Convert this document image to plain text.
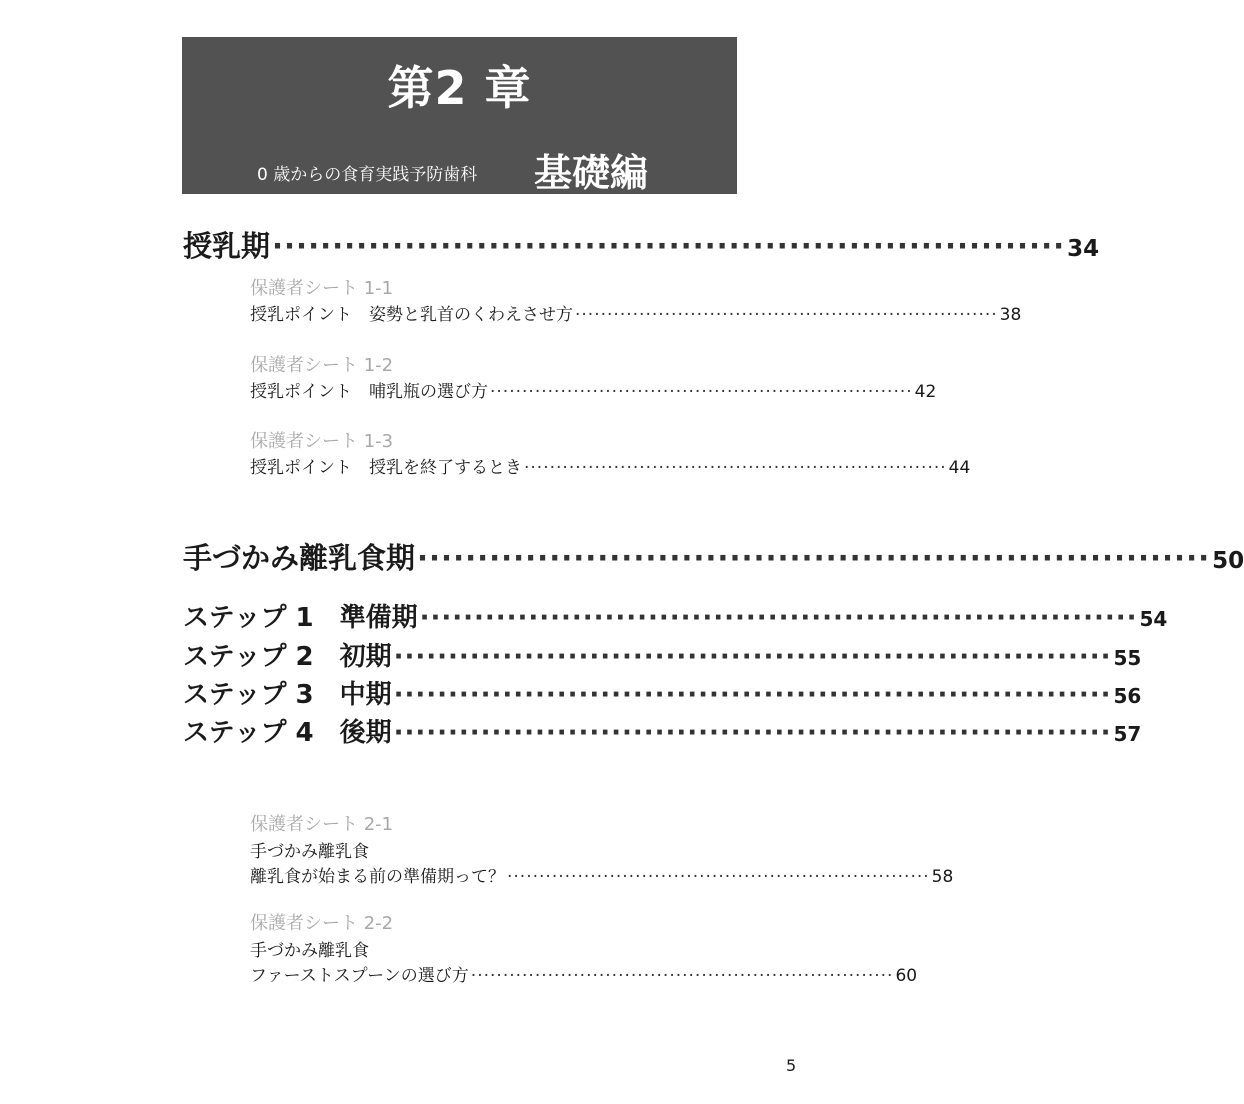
第2 章
0 歳からの食育実践予防歯科 基礎編
授乳期 ·································································· 34
保護者シート 1-1
授乳ポイント　姿勢と乳首のくわえさせ方 ·································································· 38
保護者シート 1-2
授乳ポイント　哺乳瓶の選び方 ·································································· 42
保護者シート 1-3
授乳ポイント　授乳を終了するとき ·································································· 44
手づかみ離乳食期 ·································································· 50
ステップ 1　準備期 ·································································· 54
ステップ 2　初期 ·································································· 55
ステップ 3　中期 ·································································· 56
ステップ 4　後期 ·································································· 57
保護者シート 2-1
手づかみ離乳食
離乳食が始まる前の準備期って？ ·································································· 58
保護者シート 2-2
手づかみ離乳食
ファーストスプーンの選び方 ·································································· 60
5
